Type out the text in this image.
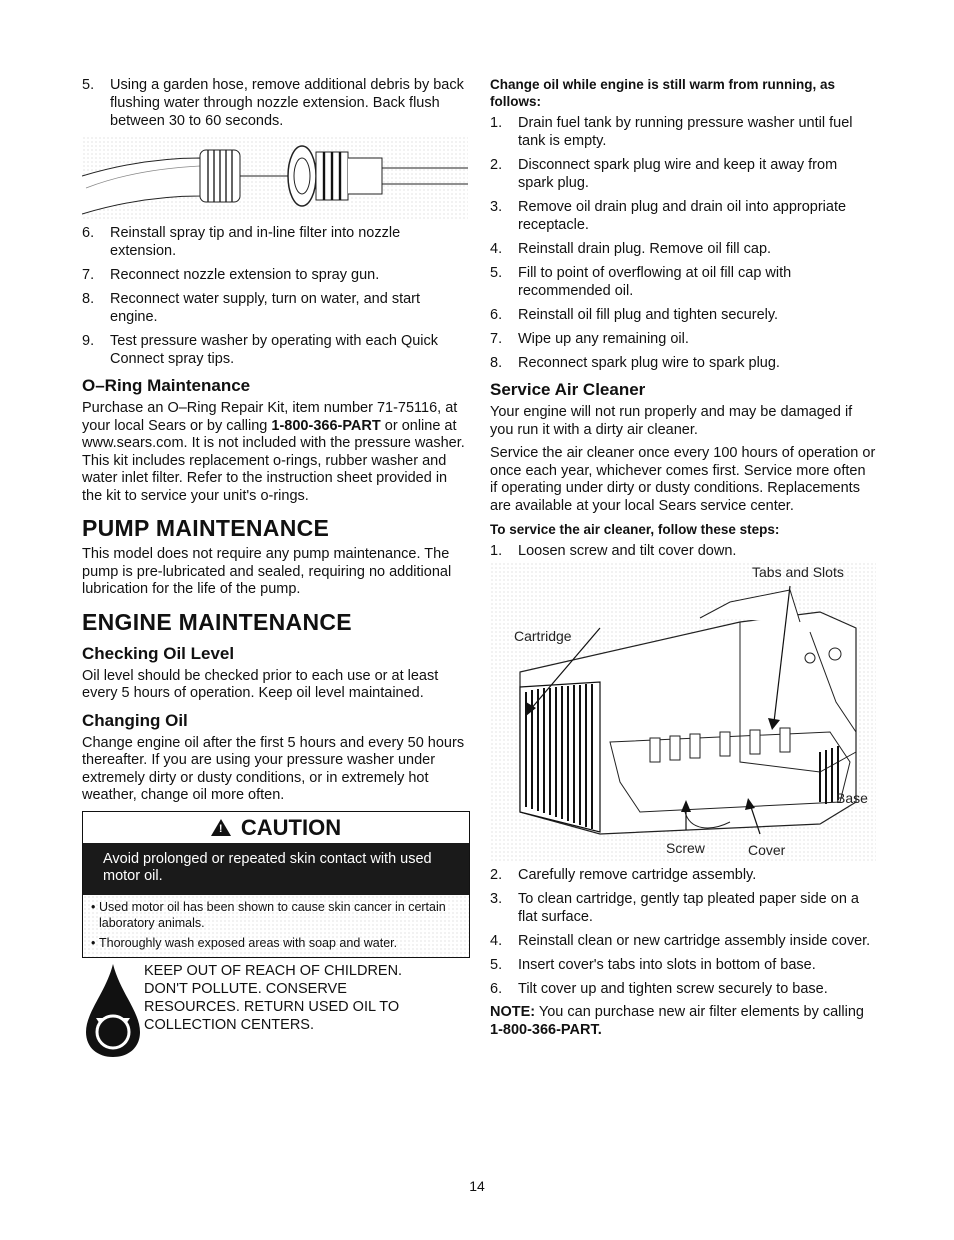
5. Using a garden hose, remove additional debris by back flushing water through nozzle extension. Back flush between 30 to 60 seconds.
6. Reinstall spray tip and in-line filter into nozzle extension.
7. Reconnect nozzle extension to spray gun.
8. Reconnect water supply, turn on water, and start engine.
9. Test pressure washer by operating with each Quick Connect spray tips.
O–Ring Maintenance

Purchase an O–Ring Repair Kit, item number 71-75116, at your local Sears or by calling 1-800-366-PART or online at www.sears.com. It is not included with the pressure washer. This kit includes replacement o-rings, rubber washer and water inlet filter. Refer to the instruction sheet provided in the kit to service your unit's o-rings.

PUMP MAINTENANCE

This model does not require any pump maintenance. The pump is pre-lubricated and sealed, requiring no additional lubrication for the life of the pump.

ENGINE MAINTENANCE
Checking Oil Level

Oil level should be checked prior to each use or at least every 5 hours of operation. Keep oil level maintained.

Changing Oil

Change engine oil after the first 5 hours and every 50 hours thereafter. If you are using your pressure washer under extremely dirty or dusty conditions, or in extremely hot weather, change oil more often.

! CAUTION
Avoid prolonged or repeated skin contact with used motor oil.
• Used motor oil has been shown to cause skin cancer in certain laboratory animals.
• Thoroughly wash exposed areas with soap and water.
KEEP OUT OF REACH OF CHILDREN.
DON'T POLLUTE. CONSERVE
RESOURCES. RETURN USED OIL TO
COLLECTION CENTERS.

Change oil while engine is still warm from running, as follows:

1. Drain fuel tank by running pressure washer until fuel tank is empty.
2. Disconnect spark plug wire and keep it away from spark plug.
3. Remove oil drain plug and drain oil into appropriate receptacle.
4. Reinstall drain plug. Remove oil fill cap.
5. Fill to point of overflowing at oil fill cap with recommended oil.
6. Reinstall oil fill plug and tighten securely.
7. Wipe up any remaining oil.
8. Reconnect spark plug wire to spark plug.
Service Air Cleaner

Your engine will not run properly and may be damaged if you run it with a dirty air cleaner.

Service the air cleaner once every 100 hours of operation or once each year, whichever comes first. Service more often if operating under dirty or dusty conditions. Replacements are available at your local Sears service center.

To service the air cleaner, follow these steps:

1. Loosen screw and tilt cover down.
Tabs and Slots
Cartridge
Base
Screw	Cover
2. Carefully remove cartridge assembly.
3. To clean cartridge, gently tap pleated paper side on a flat surface.
4. Reinstall clean or new cartridge assembly inside cover.
5. Insert cover's tabs into slots in bottom of base.
6. Tilt cover up and tighten screw securely to base.

NOTE: You can purchase new air filter elements by calling 1-800-366-PART.

14
